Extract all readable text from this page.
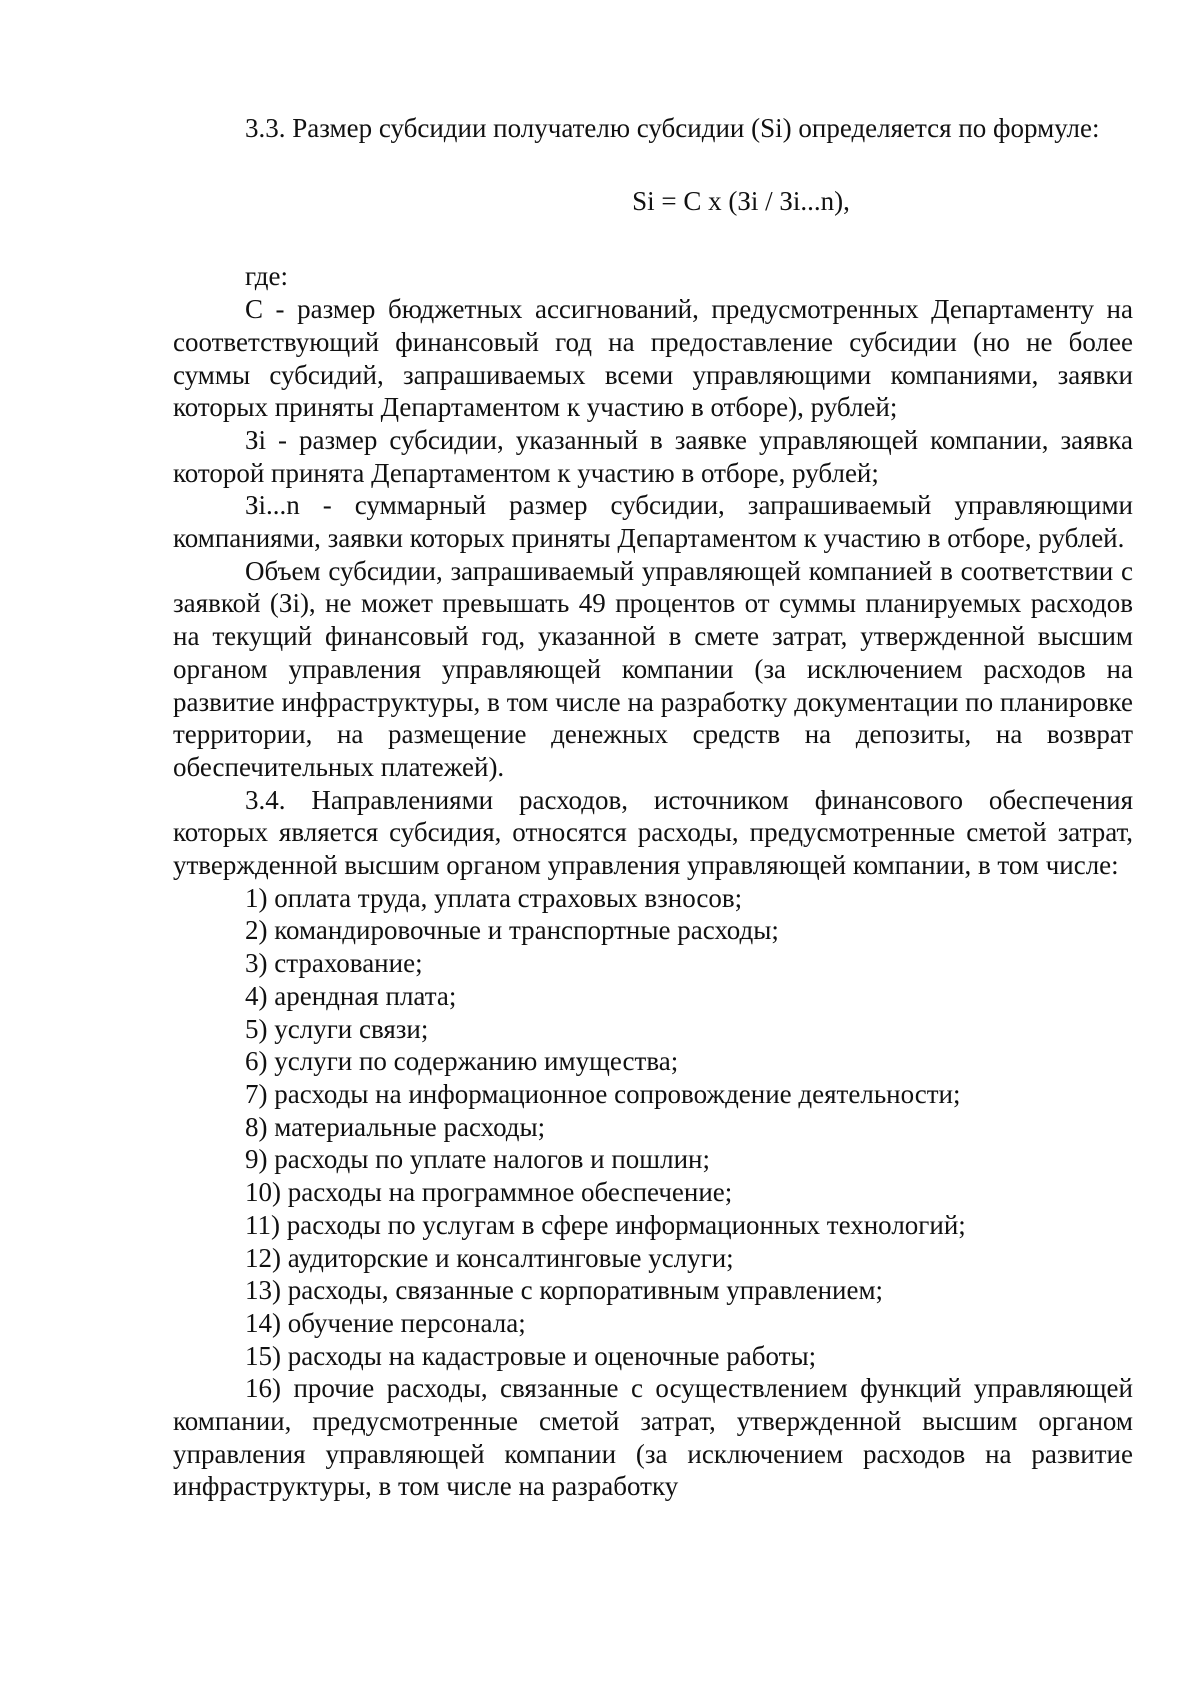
3.3. Размер субсидии получателю субсидии (Si) определяется по формуле:

Si = C x (Зi / Зi...n),

где:

C - размер бюджетных ассигнований, предусмотренных Департаменту на соответствующий финансовый год на предоставление субсидии (но не более суммы субсидий, запрашиваемых всеми управляющими компаниями, заявки которых приняты Департаментом к участию в отборе), рублей;

Зi - размер субсидии, указанный в заявке управляющей компании, заявка которой принята Департаментом к участию в отборе, рублей;

Зi...n - суммарный размер субсидии, запрашиваемый управляющими компаниями, заявки которых приняты Департаментом к участию в отборе, рублей.

Объем субсидии, запрашиваемый управляющей компанией в соответствии с заявкой (Зi), не может превышать 49 процентов от суммы планируемых расходов на текущий финансовый год, указанной в смете затрат, утвержденной высшим органом управления управляющей компании (за исключением расходов на развитие инфраструктуры, в том числе на разработку документации по планировке территории, на размещение денежных средств на депозиты, на возврат обеспечительных платежей).

3.4. Направлениями расходов, источником финансового обеспечения которых является субсидия, относятся расходы, предусмотренные сметой затрат, утвержденной высшим органом управления управляющей компании, в том числе:

1) оплата труда, уплата страховых взносов;
2) командировочные и транспортные расходы;
3) страхование;
4) арендная плата;
5) услуги связи;
6) услуги по содержанию имущества;
7) расходы на информационное сопровождение деятельности;
8) материальные расходы;
9) расходы по уплате налогов и пошлин;
10) расходы на программное обеспечение;
11) расходы по услугам в сфере информационных технологий;
12) аудиторские и консалтинговые услуги;
13) расходы, связанные с корпоративным управлением;
14) обучение персонала;
15) расходы на кадастровые и оценочные работы;
16) прочие расходы, связанные с осуществлением функций управляющей компании, предусмотренные сметой затрат, утвержденной высшим органом управления управляющей компании (за исключением расходов на развитие инфраструктуры, в том числе на разработку
